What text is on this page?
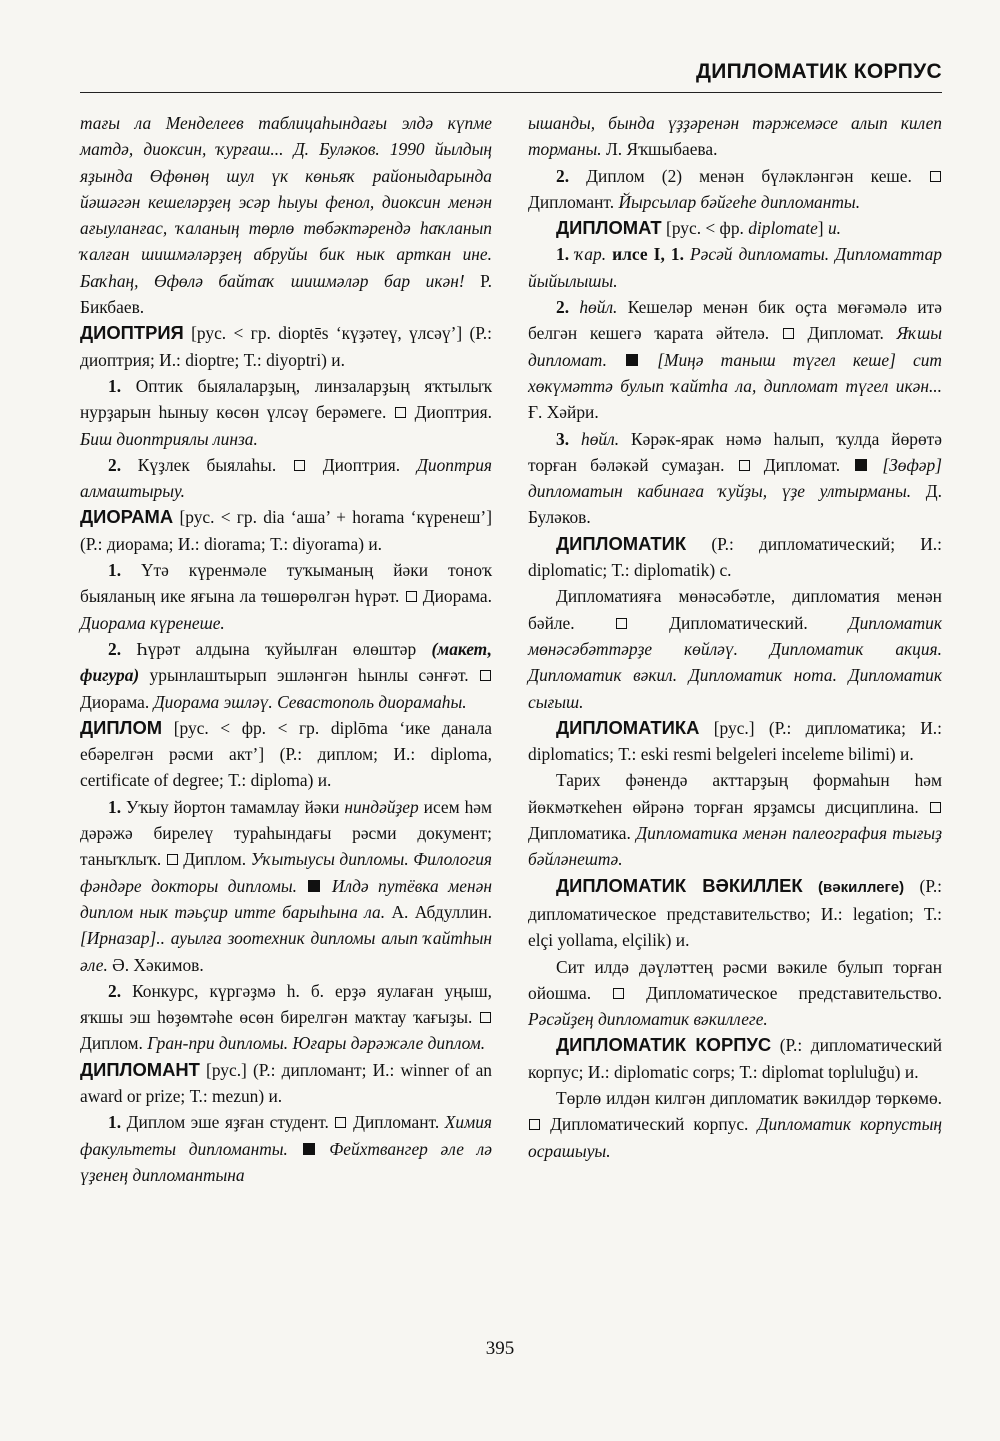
ДИПЛОМАТИК КОРПУС

тағы ла Менделеев таблицаһындағы элдә күпме матдә, диоксин, ҡурғаш... Д. Буләков. 1990 йылдың яҙында Өфөнөң шул үк көньяҡ районыдарында йәшәгән кешеләрҙең эсәр һыуы фенол, диоксин менән ағыуланғас, ҡаланың төрлө төбәктәрендә һаҡланып ҡалған шишмәләрҙең абруйы бик нык арткан ине. Баҡһаң, Өфөлә байтаҡ шишмәләр бар икән! Р. Бикбаев.

ДИОПТРИЯ [рус. < гр. dioptēs ‘күҙәтеү, үлсәү’] (Р.: диоптрия; И.: dioptre; Т.: diyoptri) и.

1. Оптик быялаларҙың, линзаларҙың яҡтылыҡ нурҙарын һыныу көсөн үлсәү берәмеге. Диоптрия. Биш диоптриялы линза.

2. Күҙлек быялаһы.	Диоптрия. Диоптрия алмаштырыу.

ДИОРАМА [рус. < гр. dia ‘аша’ + horama ‘күренеш’] (Р.: диорама; И.: diorama; Т.: diyorama) и.

1. Үтә күренмәле туҡыманың йәки тоноҡ быяланың ике яғына ла төшөрөлгән һүрәт. Диорама. Диорама күренеше.

2. Һүрәт алдына ҡуйылған өлөштәр (макет, фигура) урынлаштырып эшләнгән һынлы сәнғәт.  Диорама. Диорама эшләү. Севастополь диорамаһы.

ДИПЛОМ [рус. < фр. < гр. diplōma ‘ике данала ебәрелгән рәсми акт’] (Р.: диплом; И.: diploma, certificate of degree; Т.: diploma) и.

1. Уҡыу йортон тамамлау йәки ниндәйҙер исем һәм дәрәжә бирелеү тураһындағы рәсми документ; таныҡлыҡ. Диплом. Уҡытыусы дипломы. Филология фәндәре докторы дипломы. Илдә путёвка менән диплом нык тәьҫир итте барыһына ла. А. Абдуллин. [Ирназар].. ауылға зоотехник дипломы алып ҡайтһын әле. Ә. Хәкимов.

2. Конкурс, күргәҙмә һ. б. ерҙә яулаған уңыш, яҡшы эш һөҙөмтәһе өсөн бирелгән маҡтау ҡағыҙы.  Диплом. Гран-при дипломы. Юғары дәрәжәле диплом.

ДИПЛОМАНТ [рус.] (Р.: дипломант; И.: winner of an award or prize; Т.: mezun) и.

1. Диплом эше яҙған студент. Дипломант. Химия факультеты дипломанты. Фейхтвангер әле лә үҙенең дипломантына

ышанды, бында үҙҙәренән тәржемәсе алып килеп торманы. Л. Яҡшыбаева.

2. Диплом (2) менән бүләкләнгән кеше.  Дипломант. Йырсылар бәйгеһе дипломанты.

ДИПЛОМАТ [рус. < фр. diplomate] и.

1. ҡар. илсе I, 1. Рәсәй дипломаты. Дипломаттар йыйылышы.

2. һөйл. Кешеләр менән бик оҫта мөғәмәлә итә белгән кешегә ҡарата әйтелә. Дипломат. Яҡшы дипломат.	[Миңә таныш түгел кеше] сит хөкүмәттә булып ҡайтһа ла, дипломат түгел икән... Ғ. Хәйри.

3. һөйл. Кәрәк-ярак нәмә һалып, ҡулда йөрөтә торған бәләкәй сумаҙан. Дипломат. [Зөфәр] дипломатын кабинаға ҡуйҙы, үҙе ултырманы. Д. Буләков.

ДИПЛОМАТИК (Р.: дипломатический; И.: diplomatic; Т.: diplomatik) с.

Дипломатияға мөнәсәбәтле, дипломатия менән бәйле.	Дипломатический. Дипломатик мөнәсәбәттәрҙе көйләү. Дипломатик акция. Дипломатик вәкил. Дипломатик нота. Дипломатик сығыш.

ДИПЛОМАТИКА [рус.] (Р.: дипломатика; И.: diplomatics; Т.: eski resmi belgeleri inceleme bilimi) и.

Тарих фәнендә акттарҙың формаһын һәм йөкмәткеһен өйрәнә торған ярҙамсы дисциплина.  Дипломатика. Дипломатика менән палеография тығыҙ бәйләнештә.

ДИПЛОМАТИК ВӘКИЛЛЕК (вәкиллеге) (Р.: дипломатическое представительство; И.: legation; Т.: elçi yollama, elçilik) и.

Сит илдә дәүләттең рәсми вәкиле булып торған ойошма.	Дипломатическое представительство. Рәсәйҙең дипломатик вәкиллеге.

ДИПЛОМАТИК КОРПУС (Р.: дипломатический корпус; И.: diplomatic corps; Т.: diplomat topluluğu) и.

Төрлө илдән килгән дипломатик вәкилдәр төркөмө.  Дипломатический корпус. Дипломатик корпустың осрашыуы.

395
